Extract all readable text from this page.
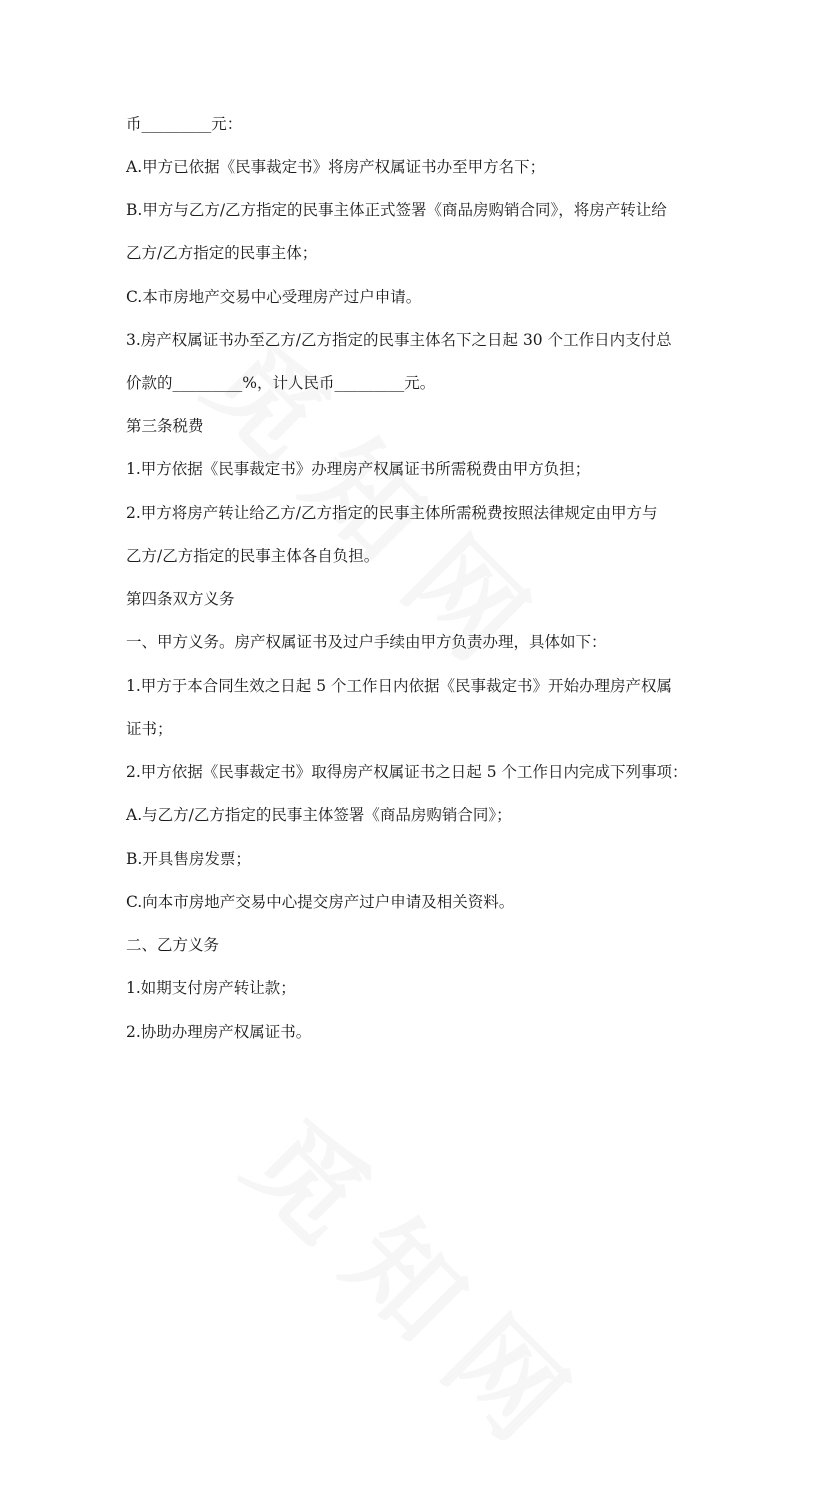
币_________元：
A.甲方已依据《民事裁定书》将房产权属证书办至甲方名下；
B.甲方与乙方/乙方指定的民事主体正式签署《商品房购销合同》，将房产转让给
乙方/乙方指定的民事主体；
C.本市房地产交易中心受理房产过户申请。
3.房产权属证书办至乙方/乙方指定的民事主体名下之日起 30 个工作日内支付总
价款的_________%，计人民币_________元。
第三条税费
1.甲方依据《民事裁定书》办理房产权属证书所需税费由甲方负担；
2.甲方将房产转让给乙方/乙方指定的民事主体所需税费按照法律规定由甲方与
乙方/乙方指定的民事主体各自负担。
第四条双方义务
一、甲方义务。房产权属证书及过户手续由甲方负责办理，具体如下：
1.甲方于本合同生效之日起 5 个工作日内依据《民事裁定书》开始办理房产权属
证书；
2.甲方依据《民事裁定书》取得房产权属证书之日起 5 个工作日内完成下列事项：
A.与乙方/乙方指定的民事主体签署《商品房购销合同》；
B.开具售房发票；
C.向本市房地产交易中心提交房产过户申请及相关资料。
二、乙方义务
1.如期支付房产转让款；
2.协助办理房产权属证书。
